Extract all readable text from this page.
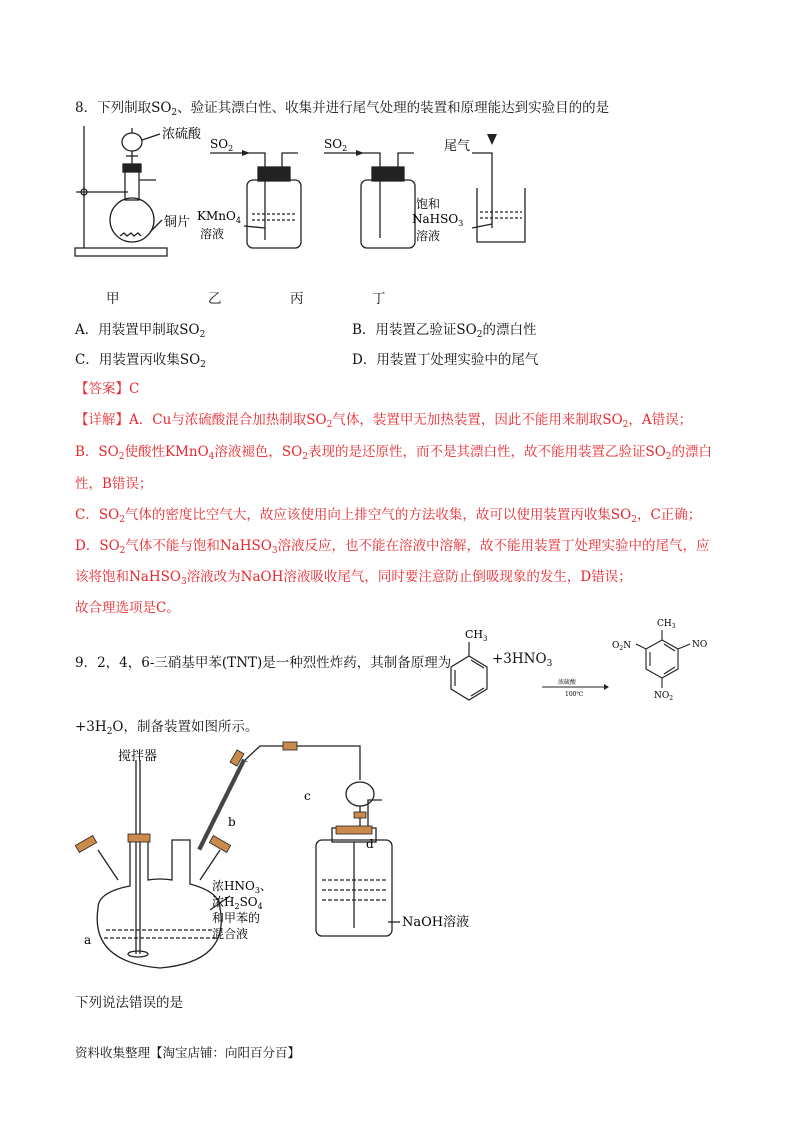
8．下列制取$SO_2$、验证其漂白性、收集并进行尾气处理的装置和原理能达到实验目的的是
浓硫酸
铜片
$SO_2$	$SO_2$	尾气
KMnO$_4$
溶液
饱和
NaHSO$_3$
溶液
甲	乙	丙	丁
A．用装置甲制取$SO_2$	B．用装置乙验证$SO_2$的漂白性
C．用装置丙收集$SO_2$	D．用装置丁处理实验中的尾气
【答案】C
【详解】A．Cu与浓硫酸混合加热制取$SO_2$气体，装置甲无加热装置，因此不能用来制取$SO_2$，A错误；
B．$SO_2$使酸性KMnO$_4$溶液褪色，$SO_2$表现的是还原性，而不是其漂白性，故不能用装置乙验证$SO_2$的漂白
性，B错误；
C．$SO_2$气体的密度比空气大，故应该使用向上排空气的方法收集，故可以使用装置丙收集$SO_2$，C正确；
D．$SO_2$气体不能与饱和NaHSO$_3$溶液反应，也不能在溶液中溶解，故不能用装置丁处理实验中的尾气，应
该将饱和NaHSO$_3$溶液改为NaOH溶液吸收尾气，同时要注意防止倒吸现象的发生，D错误；
故合理选项是C。
9．2，4，6-三硝基甲苯(TNT)是一种烈性炸药，其制备原理为	$+3HNO_3$
$CH_3$
浓硫酸
100℃
$CH_3$
$O_2N$	NO
$NO_2$
$+3H_2O$，制备装置如图所示。
搅拌器
a
b
c
d
浓$HNO_3$、
浓$H_2SO_4$
和甲苯的
混合液
NaOH溶液
下列说法错误的是
资料收集整理【淘宝店铺：向阳百分百】
